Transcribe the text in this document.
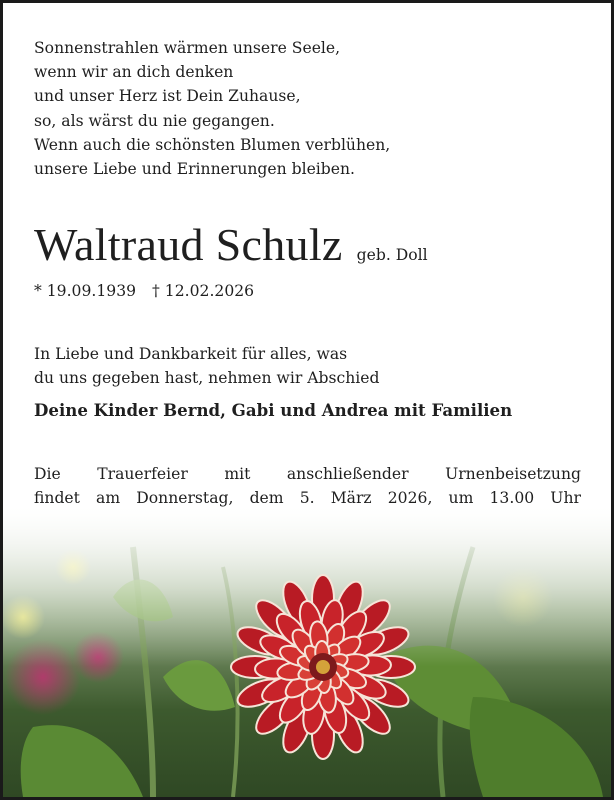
Sonnenstrahlen wärmen unsere Seele,
wenn wir an dich denken
und unser Herz ist Dein Zuhause,
so, als wärst du nie gegangen.
Wenn auch die schönsten Blumen verblühen,
unsere Liebe und Erinnerungen bleiben.
Waltraud Schulz geb. Doll
* 19.09.1939 † 12.02.2026
In Liebe und Dankbarkeit für alles, was
du uns gegeben hast, nehmen wir Abschied
Deine Kinder Bernd, Gabi und Andrea mit Familien
Die Trauerfeier mit anschließender Urnenbeisetzung
findet am Donnerstag, dem 5. März 2026, um 13.00 Uhr
